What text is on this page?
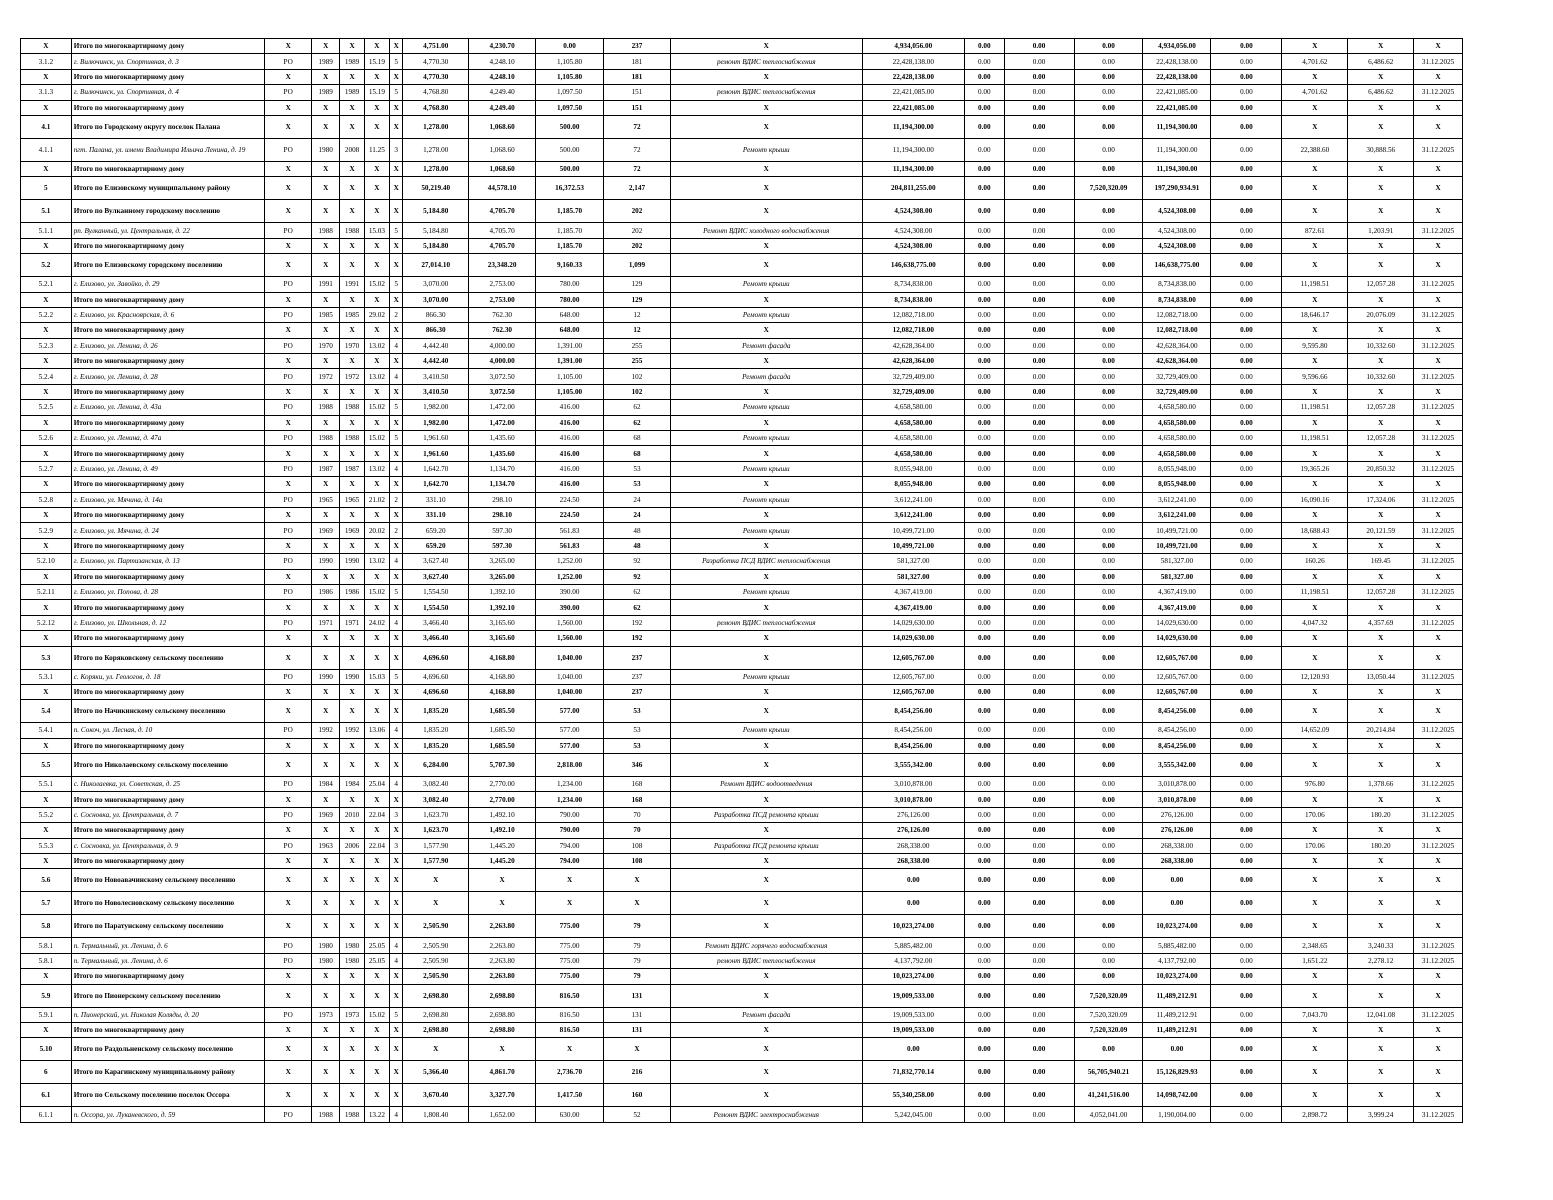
X	Итого по многоквартирному дому	X	X	X	X	X	4,751.00	4,230.70	0.00	237	X	4,934,056.00	0.00	0.00	0.00	4,934,056.00	0.00	X	X	X
3.1.2	г. Вилючинск, ул. Спортивная, д. 3	РО	1989	1989	15.19	5	4,770.30	4,248.10	1,105.80	181	ремонт ВДИС теплоснабжения	22,428,138.00	0.00	0.00	0.00	22,428,138.00	0.00	4,701.62	6,486.62	31.12.2025
X	Итого по многоквартирному дому	X	X	X	X	X	4,770.30	4,248.10	1,105.80	181	X	22,428,138.00	0.00	0.00	0.00	22,428,138.00	0.00	X	X	X
3.1.3	г. Вилючинск, ул. Спортивная, д. 4	РО	1989	1989	15.19	5	4,768.80	4,249.40	1,097.50	151	ремонт ВДИС теплоснабжения	22,421,085.00	0.00	0.00	0.00	22,421,085.00	0.00	4,701.62	6,486.62	31.12.2025
X	Итого по многоквартирному дому	X	X	X	X	X	4,768.80	4,249.40	1,097.50	151	X	22,421,085.00	0.00	0.00	0.00	22,421,085.00	0.00	X	X	X
4.1	Итого по Городскому округу поселок Палана	X	X	X	X	X	1,278.00	1,068.60	500.00	72	X	11,194,300.00	0.00	0.00	0.00	11,194,300.00	0.00	X	X	X
4.1.1	пгт. Палана, ул. имени Владимира Ильича Ленина, д. 19	РО	1980	2008	11.25	3	1,278.00	1,068.60	500.00	72	Ремонт крыши	11,194,300.00	0.00	0.00	0.00	11,194,300.00	0.00	22,388.60	30,888.56	31.12.2025
X	Итого по многоквартирному дому	X	X	X	X	X	1,278.00	1,068.60	500.00	72	X	11,194,300.00	0.00	0.00	0.00	11,194,300.00	0.00	X	X	X
5	Итого по Елизовскому муниципальному району	X	X	X	X	X	50,219.40	44,578.10	16,372.53	2,147	X	204,811,255.00	0.00	0.00	7,520,320.09	197,290,934.91	0.00	X	X	X
5.1	Итого по Вулканному городскому поселению	X	X	X	X	X	5,184.80	4,705.70	1,185.70	202	X	4,524,308.00	0.00	0.00	0.00	4,524,308.00	0.00	X	X	X
5.1.1	рп. Вулканный, ул. Центральная, д. 22	РО	1988	1988	15.03	5	5,184.80	4,705.70	1,185.70	202	Ремонт ВДИС холодного водоснабжения	4,524,308.00	0.00	0.00	0.00	4,524,308.00	0.00	872.61	1,203.91	31.12.2025
X	Итого по многоквартирному дому	X	X	X	X	X	5,184.80	4,705.70	1,185.70	202	X	4,524,308.00	0.00	0.00	0.00	4,524,308.00	0.00	X	X	X
5.2	Итого по Елизовскому городскому поселению	X	X	X	X	X	27,014.10	23,348.20	9,160.33	1,099	X	146,638,775.00	0.00	0.00	0.00	146,638,775.00	0.00	X	X	X
5.2.1	г. Елизово, ул. Завойко, д. 29	РО	1991	1991	15.02	5	3,070.00	2,753.00	780.00	129	Ремонт крыши	8,734,838.00	0.00	0.00	0.00	8,734,838.00	0.00	11,198.51	12,057.28	31.12.2025
X	Итого по многоквартирному дому	X	X	X	X	X	3,070.00	2,753.00	780.00	129	X	8,734,838.00	0.00	0.00	0.00	8,734,838.00	0.00	X	X	X
5.2.2	г. Елизово, ул. Красноярская, д. 6	РО	1985	1985	29.02	2	866.30	762.30	648.00	12	Ремонт крыши	12,082,718.00	0.00	0.00	0.00	12,082,718.00	0.00	18,646.17	20,076.09	31.12.2025
X	Итого по многоквартирному дому	X	X	X	X	X	866.30	762.30	648.00	12	X	12,082,718.00	0.00	0.00	0.00	12,082,718.00	0.00	X	X	X
5.2.3	г. Елизово, ул. Ленина, д. 26	РО	1970	1970	13.02	4	4,442.40	4,000.00	1,391.00	255	Ремонт фасада	42,628,364.00	0.00	0.00	0.00	42,628,364.00	0.00	9,595.80	10,332.60	31.12.2025
X	Итого по многоквартирному дому	X	X	X	X	X	4,442.40	4,000.00	1,391.00	255	X	42,628,364.00	0.00	0.00	0.00	42,628,364.00	0.00	X	X	X
5.2.4	г. Елизово, ул. Ленина, д. 28	РО	1972	1972	13.02	4	3,410.50	3,072.50	1,105.00	102	Ремонт фасада	32,729,409.00	0.00	0.00	0.00	32,729,409.00	0.00	9,596.66	10,332.60	31.12.2025
X	Итого по многоквартирному дому	X	X	X	X	X	3,410.50	3,072.50	1,105.00	102	X	32,729,409.00	0.00	0.00	0.00	32,729,409.00	0.00	X	X	X
5.2.5	г. Елизово, ул. Ленина, д. 43а	РО	1988	1988	15.02	5	1,982.00	1,472.00	416.00	62	Ремонт крыши	4,658,580.00	0.00	0.00	0.00	4,658,580.00	0.00	11,198.51	12,057.28	31.12.2025
X	Итого по многоквартирному дому	X	X	X	X	X	1,982.00	1,472.00	416.00	62	X	4,658,580.00	0.00	0.00	0.00	4,658,580.00	0.00	X	X	X
5.2.6	г. Елизово, ул. Ленина, д. 47а	РО	1988	1988	15.02	5	1,961.60	1,435.60	416.00	68	Ремонт крыши	4,658,580.00	0.00	0.00	0.00	4,658,580.00	0.00	11,198.51	12,057.28	31.12.2025
X	Итого по многоквартирному дому	X	X	X	X	X	1,961.60	1,435.60	416.00	68	X	4,658,580.00	0.00	0.00	0.00	4,658,580.00	0.00	X	X	X
5.2.7	г. Елизово, ул. Ленина, д. 49	РО	1987	1987	13.02	4	1,642.70	1,134.70	416.00	53	Ремонт крыши	8,055,948.00	0.00	0.00	0.00	8,055,948.00	0.00	19,365.26	20,850.32	31.12.2025
X	Итого по многоквартирному дому	X	X	X	X	X	1,642.70	1,134.70	416.00	53	X	8,055,948.00	0.00	0.00	0.00	8,055,948.00	0.00	X	X	X
5.2.8	г. Елизово, ул. Мячина, д. 14а	РО	1965	1965	21.02	2	331.10	298.10	224.50	24	Ремонт крыши	3,612,241.00	0.00	0.00	0.00	3,612,241.00	0.00	16,090.16	17,324.06	31.12.2025
X	Итого по многоквартирному дому	X	X	X	X	X	331.10	298.10	224.50	24	X	3,612,241.00	0.00	0.00	0.00	3,612,241.00	0.00	X	X	X
5.2.9	г. Елизово, ул. Мячина, д. 24	РО	1969	1969	20.02	2	659.20	597.30	561.83	48	Ремонт крыши	10,499,721.00	0.00	0.00	0.00	10,499,721.00	0.00	18,688.43	20,121.59	31.12.2025
X	Итого по многоквартирному дому	X	X	X	X	X	659.20	597.30	561.83	48	X	10,499,721.00	0.00	0.00	0.00	10,499,721.00	0.00	X	X	X
5.2.10	г. Елизово, ул. Партизанская, д. 13	РО	1990	1990	13.02	4	3,627.40	3,265.00	1,252.00	92	Разработка ПСД ВДИС теплоснабжения	581,327.00	0.00	0.00	0.00	581,327.00	0.00	160.26	169.45	31.12.2025
X	Итого по многоквартирному дому	X	X	X	X	X	3,627.40	3,265.00	1,252.00	92	X	581,327.00	0.00	0.00	0.00	581,327.00	0.00	X	X	X
5.2.11	г. Елизово, ул. Попова, д. 28	РО	1986	1986	15.02	5	1,554.50	1,392.10	390.00	62	Ремонт крыши	4,367,419.00	0.00	0.00	0.00	4,367,419.00	0.00	11,198.51	12,057.28	31.12.2025
X	Итого по многоквартирному дому	X	X	X	X	X	1,554.50	1,392.10	390.00	62	X	4,367,419.00	0.00	0.00	0.00	4,367,419.00	0.00	X	X	X
5.2.12	г. Елизово, ул. Школьная, д. 12	РО	1971	1971	24.02	4	3,466.40	3,165.60	1,560.00	192	ремонт ВДИС теплоснабжения	14,029,630.00	0.00	0.00	0.00	14,029,630.00	0.00	4,047.32	4,357.69	31.12.2025
X	Итого по многоквартирному дому	X	X	X	X	X	3,466.40	3,165.60	1,560.00	192	X	14,029,630.00	0.00	0.00	0.00	14,029,630.00	0.00	X	X	X
5.3	Итого по Коряковскому сельскому поселению	X	X	X	X	X	4,696.60	4,168.80	1,040.00	237	X	12,605,767.00	0.00	0.00	0.00	12,605,767.00	0.00	X	X	X
5.3.1	с. Коряки, ул. Геологов, д. 18	РО	1990	1990	15.03	5	4,696.60	4,168.80	1,040.00	237	Ремонт крыши	12,605,767.00	0.00	0.00	0.00	12,605,767.00	0.00	12,120.93	13,050.44	31.12.2025
X	Итого по многоквартирному дому	X	X	X	X	X	4,696.60	4,168.80	1,040.00	237	X	12,605,767.00	0.00	0.00	0.00	12,605,767.00	0.00	X	X	X
5.4	Итого по Начикинскому сельскому поселению	X	X	X	X	X	1,835.20	1,685.50	577.00	53	X	8,454,256.00	0.00	0.00	0.00	8,454,256.00	0.00	X	X	X
5.4.1	п. Сокоч, ул. Лесная, д. 10	РО	1992	1992	13.06	4	1,835.20	1,685.50	577.00	53	Ремонт крыши	8,454,256.00	0.00	0.00	0.00	8,454,256.00	0.00	14,652.09	20,214.84	31.12.2025
X	Итого по многоквартирному дому	X	X	X	X	X	1,835.20	1,685.50	577.00	53	X	8,454,256.00	0.00	0.00	0.00	8,454,256.00	0.00	X	X	X
5.5	Итого по Николаевскому сельскому поселению	X	X	X	X	X	6,284.00	5,707.30	2,818.00	346	X	3,555,342.00	0.00	0.00	0.00	3,555,342.00	0.00	X	X	X
5.5.1	с. Николаевка, ул. Советская, д. 25	РО	1984	1984	25.04	4	3,082.40	2,770.00	1,234.00	168	Ремонт ВДИС водоотведения	3,010,878.00	0.00	0.00	0.00	3,010,878.00	0.00	976.80	1,378.66	31.12.2025
X	Итого по многоквартирному дому	X	X	X	X	X	3,082.40	2,770.00	1,234.00	168	X	3,010,878.00	0.00	0.00	0.00	3,010,878.00	0.00	X	X	X
5.5.2	с. Сосновка, ул. Центральная, д. 7	РО	1969	2010	22.04	3	1,623.70	1,492.10	790.00	70	Разработка ПСД ремонта крыши	276,126.00	0.00	0.00	0.00	276,126.00	0.00	170.06	180.20	31.12.2025
X	Итого по многоквартирному дому	X	X	X	X	X	1,623.70	1,492.10	790.00	70	X	276,126.00	0.00	0.00	0.00	276,126.00	0.00	X	X	X
5.5.3	с. Сосновка, ул. Центральная, д. 9	РО	1963	2006	22.04	3	1,577.90	1,445.20	794.00	108	Разработка ПСД ремонта крыши	268,338.00	0.00	0.00	0.00	268,338.00	0.00	170.06	180.20	31.12.2025
X	Итого по многоквартирному дому	X	X	X	X	X	1,577.90	1,445.20	794.00	108	X	268,338.00	0.00	0.00	0.00	268,338.00	0.00	X	X	X
5.6	Итого по Новоавачинскому сельскому поселению	X	X	X	X	X	X	X	X	X	X	0.00	0.00	0.00	0.00	0.00	0.00	X	X	X
5.7	Итого по Новолесновскому сельскому поселению	X	X	X	X	X	X	X	X	X	X	0.00	0.00	0.00	0.00	0.00	0.00	X	X	X
5.8	Итого по Паратунскому сельскому поселению	X	X	X	X	X	2,505.90	2,263.80	775.00	79	X	10,023,274.00	0.00	0.00	0.00	10,023,274.00	0.00	X	X	X
5.8.1	п. Термальный, ул. Ленина, д. 6	РО	1980	1980	25.05	4	2,505.90	2,263.80	775.00	79	Ремонт ВДИС горячего водоснабжения	5,885,482.00	0.00	0.00	0.00	5,885,482.00	0.00	2,348.65	3,240.33	31.12.2025
5.8.1	п. Термальный, ул. Ленина, д. 6	РО	1980	1980	25.05	4	2,505.90	2,263.80	775.00	79	ремонт ВДИС теплоснабжения	4,137,792.00	0.00	0.00	0.00	4,137,792.00	0.00	1,651.22	2,278.12	31.12.2025
X	Итого по многоквартирному дому	X	X	X	X	X	2,505.90	2,263.80	775.00	79	X	10,023,274.00	0.00	0.00	0.00	10,023,274.00	0.00	X	X	X
5.9	Итого по Пионерскому сельскому поселению	X	X	X	X	X	2,698.80	2,698.80	816.50	131	X	19,009,533.00	0.00	0.00	7,520,320.09	11,489,212.91	0.00	X	X	X
5.9.1	п. Пионерский, ул. Николая Коляды, д. 20	РО	1973	1973	15.02	5	2,698.80	2,698.80	816.50	131	Ремонт фасада	19,009,533.00	0.00	0.00	7,520,320.09	11,489,212.91	0.00	7,043.70	12,041.08	31.12.2025
X	Итого по многоквартирному дому	X	X	X	X	X	2,698.80	2,698.80	816.50	131	X	19,009,533.00	0.00	0.00	7,520,320.09	11,489,212.91	0.00	X	X	X
5.10	Итого по Раздольненскому сельскому поселению	X	X	X	X	X	X	X	X	X	X	0.00	0.00	0.00	0.00	0.00	0.00	X	X	X
6	Итого по Карагинскому муниципальному району	X	X	X	X	X	5,366.40	4,861.70	2,736.70	216	X	71,832,770.14	0.00	0.00	56,705,940.21	15,126,829.93	0.00	X	X	X
6.1	Итого по Сельскому поселению поселок Оссора	X	X	X	X	X	3,670.40	3,327.70	1,417.50	160	X	55,340,258.00	0.00	0.00	41,241,516.00	14,098,742.00	0.00	X	X	X
6.1.1	п. Оссора, ул. Луканевского, д. 59	РО	1988	1988	13.22	4	1,808.40	1,652.00	630.00	52	Ремонт ВДИС электроснабжения	5,242,045.00	0.00	0.00	4,052,041.00	1,190,004.00	0.00	2,898.72	3,999.24	31.12.2025
